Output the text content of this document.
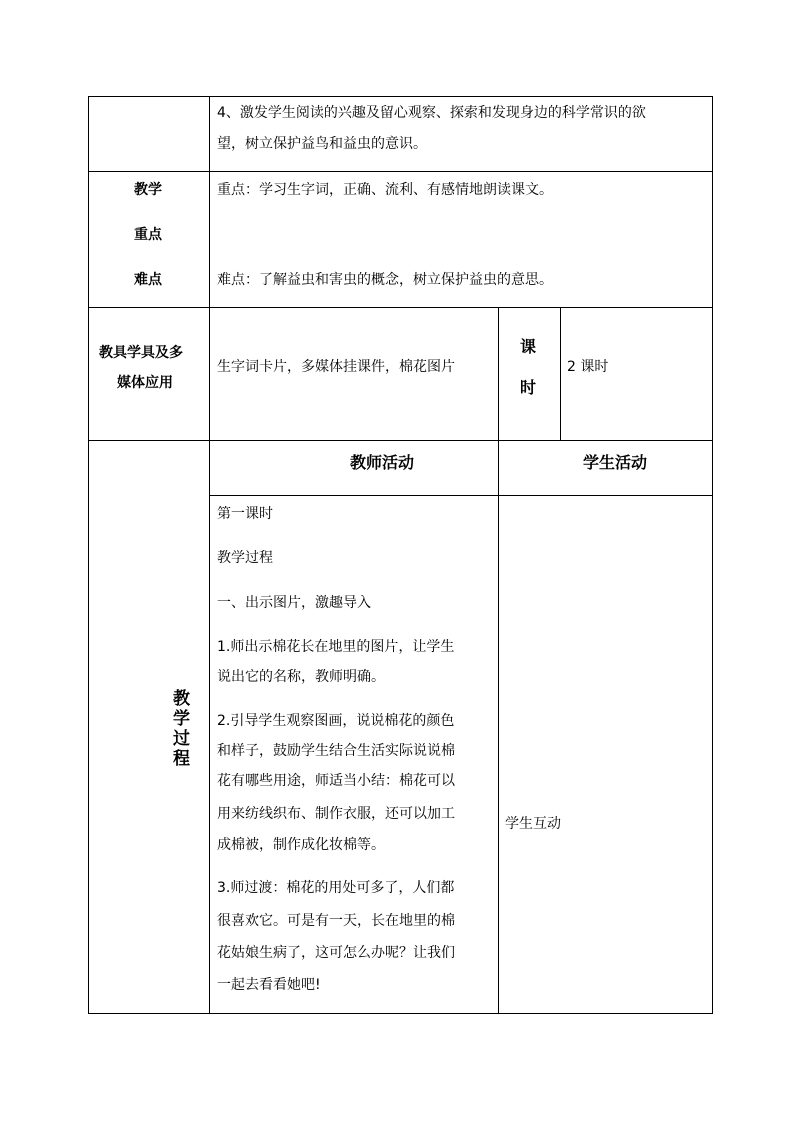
4、激发学生阅读的兴趣及留心观察、探索和发现身边的科学常识的欲
望，树立保护益鸟和益虫的意识。
教学
重点
难点
重点：学习生字词，正确、流利、有感情地朗读课文。
难点：了解益虫和害虫的概念，树立保护益虫的意思。
教具学具及多
媒体应用
生字词卡片，多媒体挂课件，棉花图片
课
时
2 课时
教师活动	学生活动
教
学
过
程
第一课时
教学过程
一、出示图片，激趣导入
1.师出示棉花长在地里的图片，让学生
说出它的名称，教师明确。
2.引导学生观察图画，说说棉花的颜色
和样子，鼓励学生结合生活实际说说棉
花有哪些用途，师适当小结：棉花可以
用来纺线织布、制作衣服，还可以加工
成棉被，制作成化妆棉等。
3.师过渡：棉花的用处可多了，人们都
很喜欢它。可是有一天，长在地里的棉
花姑娘生病了，这可怎么办呢？让我们
一起去看看她吧!
学生互动
